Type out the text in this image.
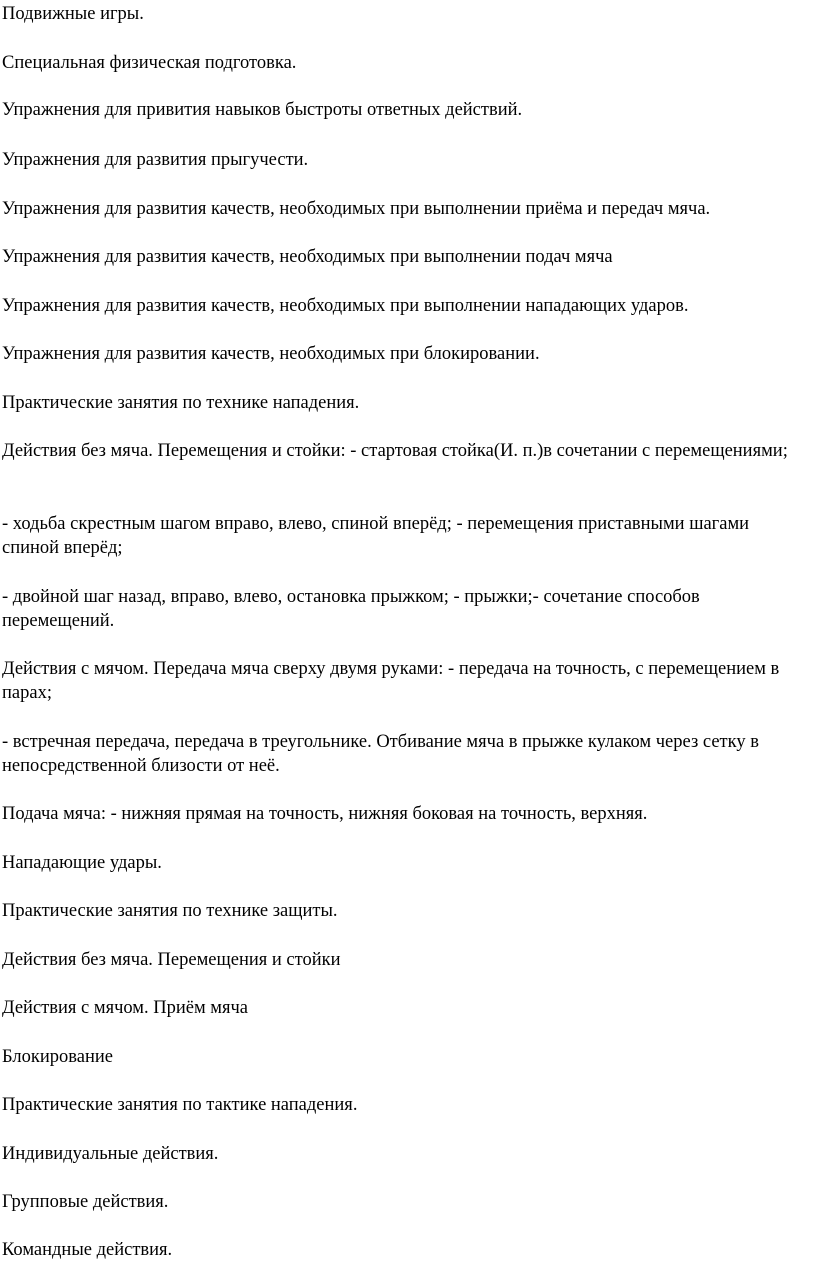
Подвижные игры.

Специальная физическая подготовка.

Упражнения для привития навыков быстроты ответных действий.

Упражнения для развития прыгучести.

Упражнения для развития качеств, необходимых при выполнении приёма и передач мяча.

Упражнения для развития качеств, необходимых при выполнении подач мяча

Упражнения для развития качеств, необходимых при выполнении нападающих ударов.

Упражнения для развития качеств, необходимых при блокировании.

Практические занятия по технике нападения.

Действия без мяча. Перемещения и стойки: - стартовая стойка(И. п.)в сочетании с перемещениями;

- ходьба скрестным шагом вправо, влево, спиной вперёд; - перемещения приставными шагами спиной вперёд;

- двойной шаг назад, вправо, влево, остановка прыжком; - прыжки;- сочетание способов перемещений.

Действия с мячом. Передача мяча сверху двумя руками: - передача на точность, с перемещением в парах;

- встречная передача, передача в треугольнике. Отбивание мяча в прыжке кулаком через сетку в непосредственной близости от неё.

Подача мяча: - нижняя прямая на точность, нижняя боковая на точность, верхняя.

Нападающие удары.

Практические занятия по технике защиты.

Действия без мяча. Перемещения и стойки

Действия с мячом. Приём мяча

Блокирование

Практические занятия по тактике нападения.

Индивидуальные действия.

Групповые действия.

Командные действия.
